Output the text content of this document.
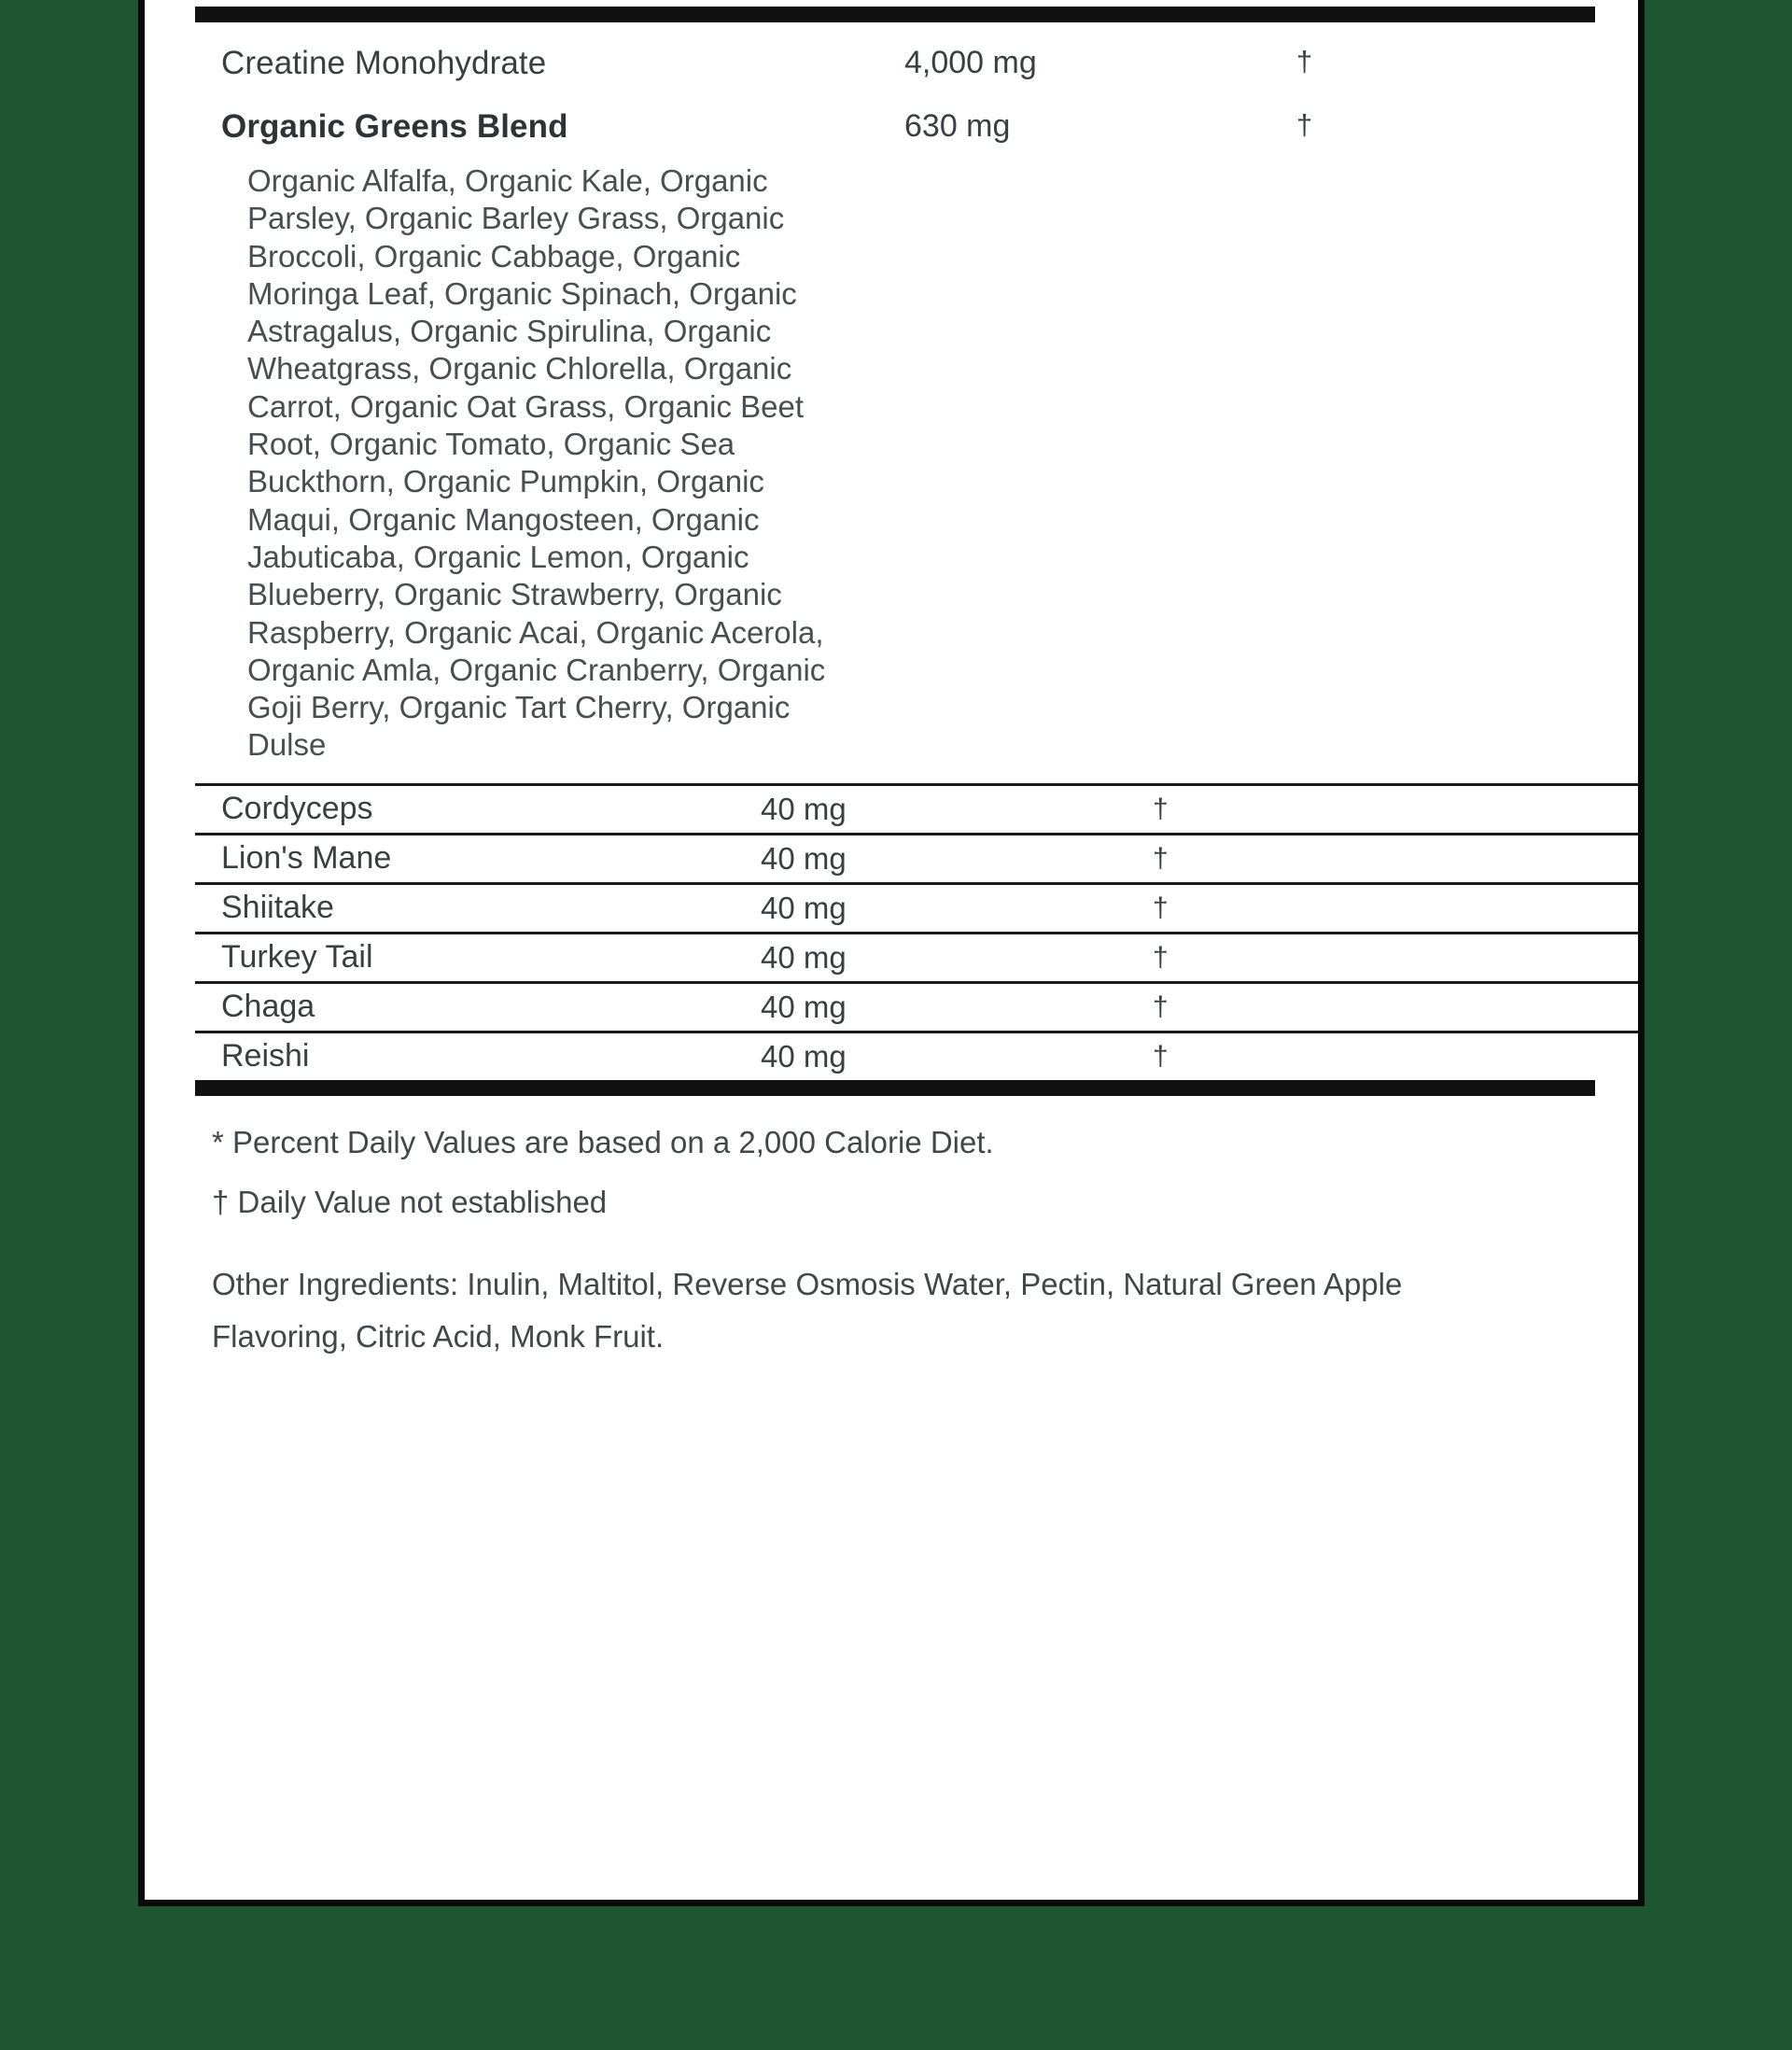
Creatine Monohydrate	4,000 mg	†
Organic Greens Blend	630 mg	†
Organic Alfalfa, Organic Kale, Organic Parsley, Organic Barley Grass, Organic Broccoli, Organic Cabbage, Organic Moringa Leaf, Organic Spinach, Organic Astragalus, Organic Spirulina, Organic Wheatgrass, Organic Chlorella, Organic Carrot, Organic Oat Grass, Organic Beet Root, Organic Tomato, Organic Sea Buckthorn, Organic Pumpkin, Organic Maqui, Organic Mangosteen, Organic Jabuticaba, Organic Lemon, Organic Blueberry, Organic Strawberry, Organic Raspberry, Organic Acai, Organic Acerola, Organic Amla, Organic Cranberry, Organic Goji Berry, Organic Tart Cherry, Organic Dulse
Cordyceps	40 mg	†
Lion's Mane	40 mg	†
Shiitake	40 mg	†
Turkey Tail	40 mg	†
Chaga	40 mg	†
Reishi	40 mg	†
* Percent Daily Values are based on a 2,000 Calorie Diet.
† Daily Value not established
Other Ingredients: Inulin, Maltitol, Reverse Osmosis Water, Pectin, Natural Green Apple Flavoring, Citric Acid, Monk Fruit.
